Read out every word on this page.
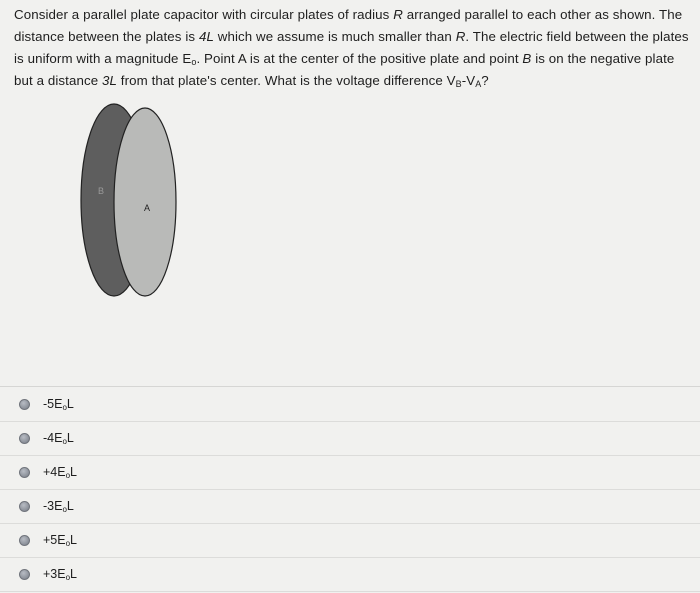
Consider a parallel plate capacitor with circular plates of radius R arranged parallel to each other as shown. The distance between the plates is 4L which we assume is much smaller than R. The electric field between the plates is uniform with a magnitude $E_o$. Point A is at the center of the positive plate and point B is on the negative plate but a distance 3L from that plate's center. What is the voltage difference $V_B-V_A$?
B
A
$-5E_oL$
$-4E_oL$
$+4E_oL$
$-3E_oL$
$+5E_oL$
$+3E_oL$
